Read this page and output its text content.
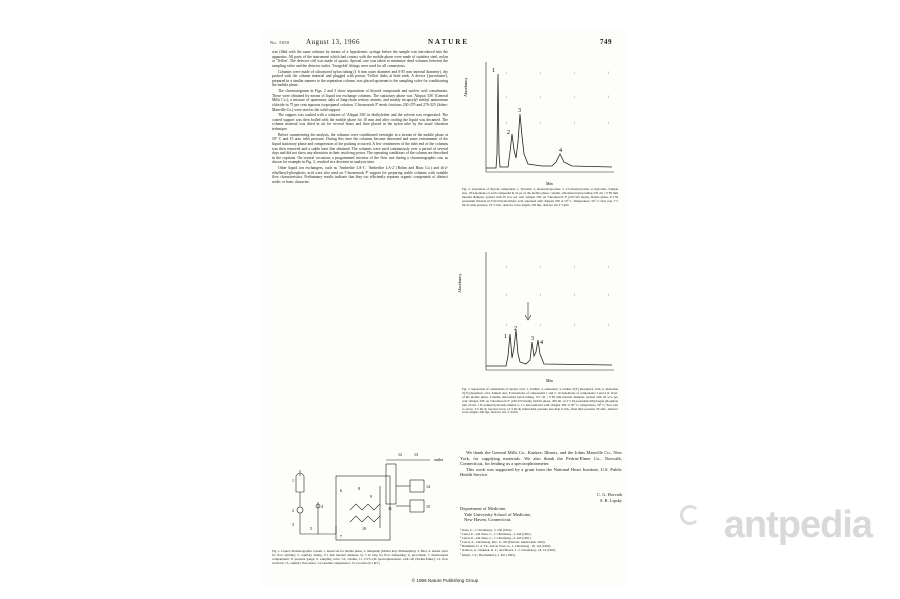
No. 5050 August 13, 1966	NATURE	749

was filled with the same solution by means of a hypodermic syringe before the sample was introduced into the apparatus. All parts of the instrument which had contact with the mobile phase were made of stainless steel, nylon or 'Teflon'. The detector cell was made of quartz. Special care was taken to minimize dead volumes between the sampling valve and the detector outlet. 'Swagelok' fittings were used for all connexions.

Columns were made of siliconized nylon tubing (1·6 mm outer diameter and 0·85 mm internal diameter), dry packed with the column material and plugged with porous 'Teflon' disks at both ends. A device ('precolumn'), prepared in a similar manner to the separation column, was placed upstream to the sampling valve for conditioning the mobile phase.

The chromatograms in Figs. 2 and 3 show separations of thyroid compounds and nucleic acid constituents. These were obtained by means of liquid ion exchange columns. The stationary phase was 'Aliquat 336' (General Mills Co.), a mixture of quaternary salts of long-chain tertiary amines, and mainly tricaprylyl methyl ammonium chloride in 75 per cent aqueous isopropanol solution. 'Chromosorb P' mesh fractions 230-270 and 270-325 (Johns-Manville Co.) were used as the solid support.

The support was soaked with a solution of 'Aliquat 336' in diethylether and the solvent was evaporated. The coated support was then boiled with the mobile phase for 10 min and after cooling the liquid was decanted. The column material was dried in air for several hours and then placed in the nylon tube by the usual vibration technique.

Before commencing the analysis, the columns were conditioned overnight in a stream of the mobile phase at 50° C and 15 atm. inlet pressure. During this time the columns became deaerated and some entrainment of the liquid stationary phase and compression of the packing occurred. A few centimetres of the inlet end of the columns was then removed and a stable base line obtained. The columns were used continuously over a period of several days and did not show any alteration in their resolving power. The operating conditions of the column are described in the captions. On several occasions a programmed increase of the flow rate during a chromatographic run, as shown for example in Fig. 3, resulted in a decrease in analysis time.

Other liquid ion exchangers, such as 'Amberlite LA-1', 'Amberlite LA-2' (Rohm and Haas Co.) and di-2-ethylhexyl-phosphoric acid were also used on 'Chromosorb P' support for preparing stable columns with suitable flow characteristics. Preliminary results indicate that they too efficiently separate organic compounds of distinct acidic or basic character.

outlet
1
2
3
4
5
6
7
8
9
10
11
12	13
14
15

Fig. 1. Liquid chromatographic system. 1, Reservoir for mobile phase; 2, minipump (Milton Roy, Philadelphia); 3, filter; 4, needle valve for flow splitting; 5, capillary tubing, 0·1 mm internal diameter, by 3 m long for flow dampening; 6, precolumn; 7, thermostated compartment; 8, pressure gauge; 9, sampling valve; 10, column; 11, UVS-139 spectrophotometer with cell (Perkin-Elmer); 12, flow restrictor; 13, capillary flow meter; 14, baseline compensator; 15, recorder (0-1 mV)

⁝
⁝
⁝
⁝
⁝
⁝
⁝
⁝
⁝
⁝
⁝
⁝
Absorbancy
Min
1
2
3
4

Fig. 2. Separation of thyroid compounds. 1, Tyrosine; 2, monoiodotyrosine; 3, 3,5-diiodotyrosine; 4, thyroxine. Sample size, 18 nanomoles of each compound in 10 µl. of the mobile phase; column, siliconized nylon tubing 235 cm × 0·85 mm internal diameter, packed with 20 w/w per cent 'Aliquat 336' on 'Chromosorb P' (270-325 mesh); mobile phase, 0·2 M potassium chloride in 0·04 N hydrochloric acid, saturated with 'Aliquat 336' at 50° C. Temperature, 50° C; flow rate, 7·5 ml./h; inlet pressure, 19·5 atm.; detector wave-length, 230 mµ; detector slit 2·5 mm

⁝
⁝
⁝
⁝
⁝
⁝
⁝
⁝
⁝
⁝
⁝
⁝
Absorbancy
Min
1
2
3
4

Fig. 3. Separation of constituents of nucleic acid. 1, Uridine; 2, adenosine; 3, uridine 2'(3') phosphoric acid; 4, adenosine 2'(3') phosphoric acid. Sample size, 8 nanomoles of components 1 and 2, 10 nanomoles of components 3 and 4 in 10 µl. of the mobile phase. Column, siliconized nylon tubing, 157 cm × 0·85 mm internal diameter, packed with 20 w/w per cent 'Aliquat 336' on 'Chromosorb P' (230-270 mesh); mobile phase, 200 ml. of 0·5 M potassium dihydrogen phosphate plus 25 ml. 1 N sodium hydroxide diluted to 1 l. and saturated with 'Aliquat 336' at 50° C; temperature, 50° C; flow rate to arrow, 3·0 ml./h, beyond arrow 14·4 ml./h; initial inlet pressure less than 6 atm., final inlet pressure 30 atm.; detector wave-length, 260 mµ; detector slit, 2·4 mm

We thank the General Mills Co., Kankee, Illinois, and the Johns Manville Co., New York, for supplying materials. We also thank the Perkin-Elmer Co., Norwalk, Connecticut, for lending us a spectrophotometer.

This work was supported by a grant from the National Heart Institute, U.S. Public Health Service.

C. G. Horvath
S. R. Lipsky

Department of Medicine,

Yale University School of Medicine,

New Haven, Connecticut.

¹ Tesla, C., J. Chromatog., 5, 236 (1961).
² Cerrai, E., and Testa, C., J. Chromatog., 5, 442 (1961).
³ Cerrai, E., and Testa, C., J. Chromatog., 6, 443 (1961).
⁴ Cerrai, E., Chromatog. Rev., 6, 129 (Elsevier, Amsterdam, 1964).
⁵ Brinkman, U. A. Th., and de Vries, G., J. Chromatog., 18, 142 (1965).
⁶ Oomoto, A., Wamsek, D. L., and Brown, J., J. Chromatog., 18, 14 (1965).
⁷ Khym, J. X., Biochemistry, 2, 401 (1963).
© 1966 Nature Publishing Group
antpedia
